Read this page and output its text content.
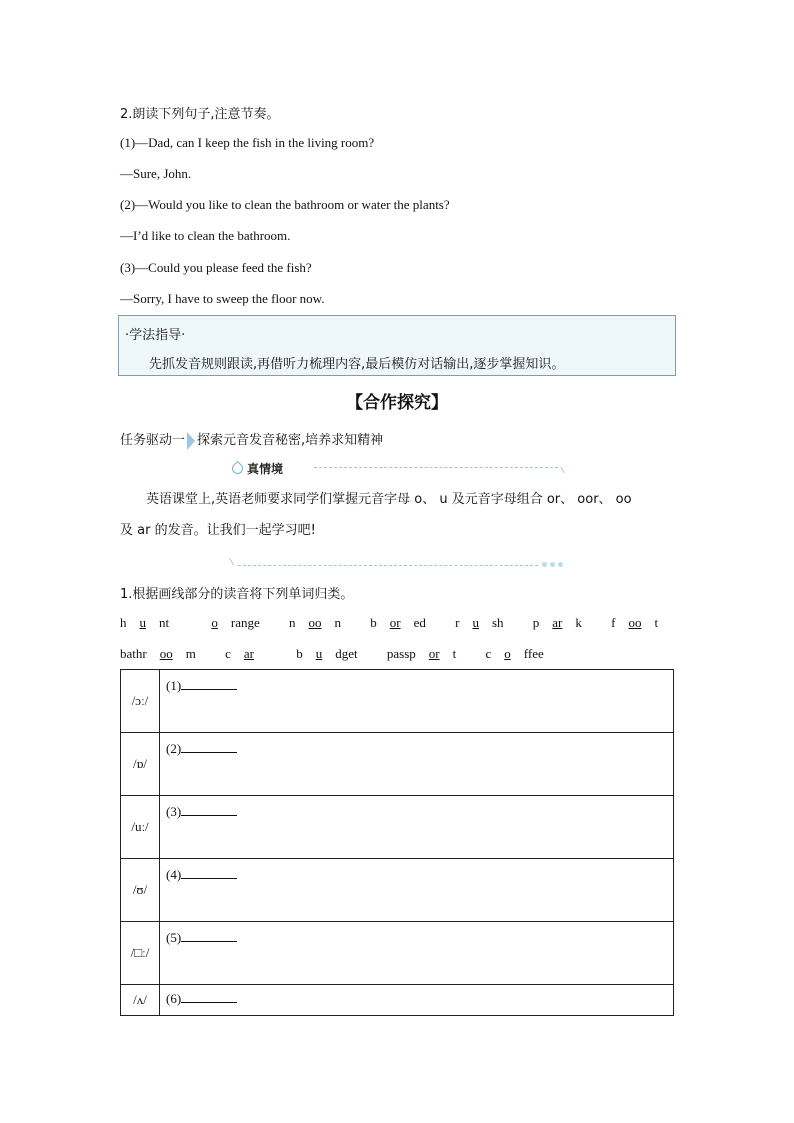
2.朗读下列句子,注意节奏。
(1)—Dad, can I keep the fish in the living room?
—Sure, John.
(2)—Would you like to clean the bathroom or water the plants?
—I’d like to clean the bathroom.
(3)—Could you please feed the fish?
—Sorry, I have to sweep the floor now.
·学法指导·
先抓发音规则跟读,再借听力梳理内容,最后模仿对话输出,逐步掌握知识。
【合作探究】
任务驱动一 探索元音发音秘密,培养求知精神
真情境
英语课堂上,英语老师要求同学们掌握元音字母 o、 u 及元音字母组合 or、 oor、 oo
及 ar 的发音。让我们一起学习吧!
1.根据画线部分的读音将下列单词归类。
h u nt	o range n oo n b or ed r u sh p ar k f oo t
bathr oo m c ar	b u dget passp or t c o ffee
/ɔː/	(1)
/ɒ/	(2)
/uː/	(3)
/ʊ/	(4)
/□ː/	(5)
/ʌ/	(6)
